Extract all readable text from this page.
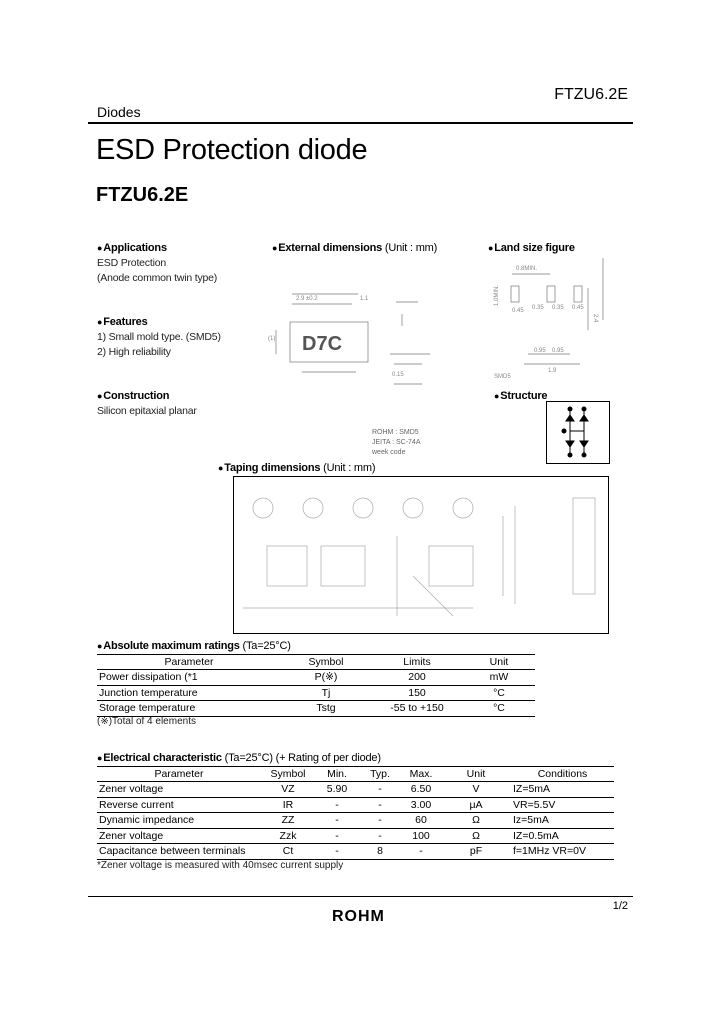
FTZU6.2E
Diodes
ESD Protection diode
FTZU6.2E
●Applications
ESD Protection
(Anode common twin type)
●Features
1) Small mold type. (SMD5)
2) High reliability
●Construction
Silicon epitaxial planar
●External dimensions (Unit : mm)
2.9 ±0.2	1.1
(1)
0.15
D7C
ROHM : SMD5
JEITA : SC-74A
week code
●Land size figure
0.8MIN.
1.0MIN.
0.45 0.35 0.35 0.45
2.4
0.95 0.95
1.9
SMD5
●Structure
●Taping dimensions (Unit : mm)
●Absolute maximum ratings (Ta=25°C)
Parameter	Symbol	Limits	Unit
Power dissipation (*1	P(※)	200	mW
Junction temperature	Tj	150	°C
Storage temperature	Tstg	-55 to +150	°C
(※)Total of 4 elements
●Electrical characteristic (Ta=25°C) (+ Rating of per diode)
Parameter	Symbol	Min.	Typ.	Max.	Unit	Conditions
Zener voltage	VZ	5.90	-	6.50	V	IZ=5mA
Reverse current	IR	-	-	3.00	μA	VR=5.5V
Dynamic impedance	ZZ	-	-	60	Ω	Iz=5mA
Zener voltage	Zzk	-	-	100	Ω	IZ=0.5mA
Capacitance between terminals	Ct	-	8	-	pF	f=1MHz VR=0V
*Zener voltage is measured with 40msec current supply
1/2
ROHM
